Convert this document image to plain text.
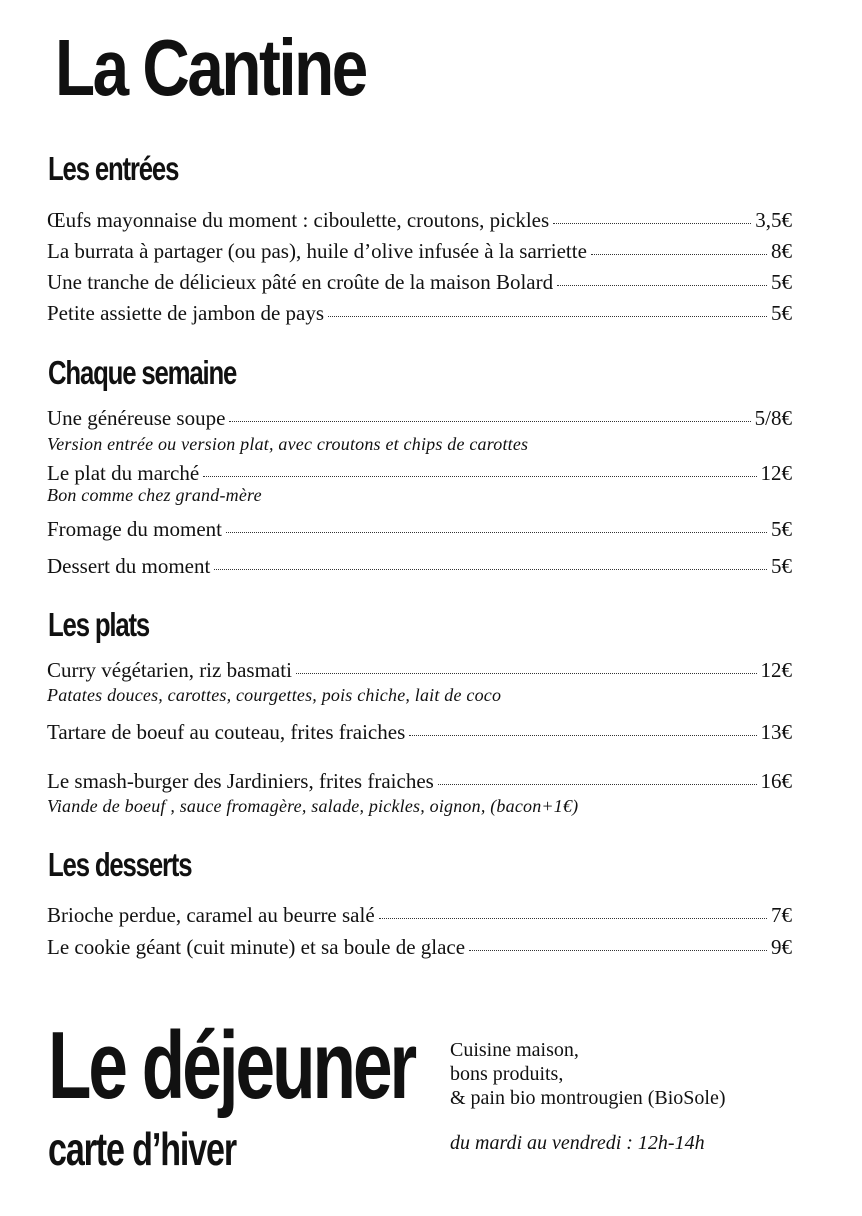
La Cantine
Les entrées
Œufs mayonnaise du moment : ciboulette, croutons, pickles	3,5€
La burrata à partager (ou pas), huile d’olive infusée à la sarriette	8€
Une tranche de délicieux pâté en croûte de la maison Bolard	5€
Petite assiette de jambon de pays	5€
Chaque semaine
Une généreuse soupe	5/8€
Version entrée ou version plat, avec croutons et chips de carottes
Le plat du marché	12€
Bon comme chez grand-mère
Fromage du moment	5€
Dessert du moment	5€
Les plats
Curry végétarien, riz basmati	12€
Patates douces, carottes, courgettes, pois chiche, lait de coco
Tartare de boeuf au couteau, frites fraiches	13€
Le smash-burger des Jardiniers, frites fraiches	16€
Viande de boeuf , sauce fromagère, salade, pickles, oignon, (bacon+1€)
Les desserts
Brioche perdue, caramel au beurre salé	7€
Le cookie géant (cuit minute) et sa boule de glace	9€
Le déjeuner
carte d’hiver
Cuisine maison,
bons produits,
& pain bio montrougien (BioSole)
du mardi au vendredi : 12h-14h
